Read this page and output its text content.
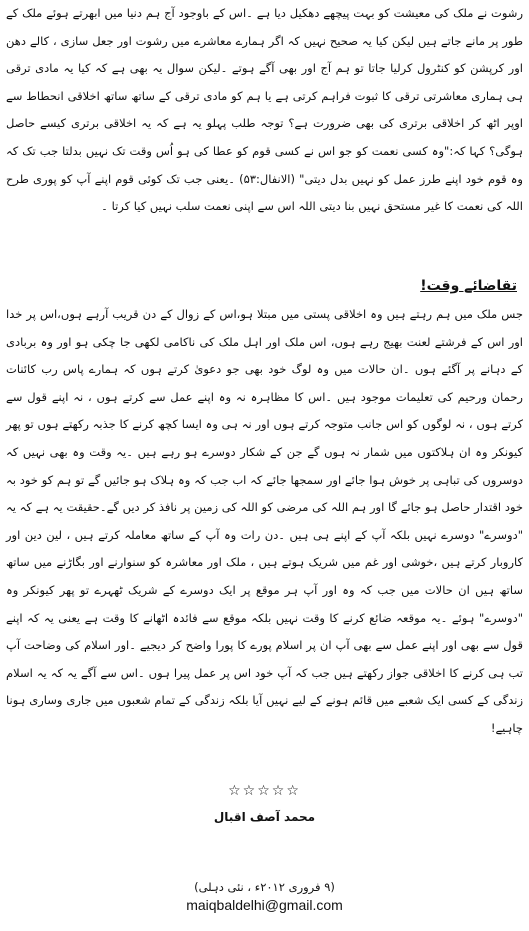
رشوت نے ملک کی معیشت کو بہت پیچھے دھکیل دیا ہے ۔اس کے باوجود آج ہم دنیا میں ابھرتے ہوئے ملک کے طور پر مانے جاتے ہیں لیکن کیا یہ صحیح نہیں کہ اگر ہمارے معاشرے میں رشوت اور جعل سازی ، کالے دھن اور کرپشن کو کنٹرول کرلیا جاتا تو ہم آج اور بھی آگے ہوتے ۔لیکن سوال یہ بھی ہے کہ کیا یہ مادی ترقی ہی ہماری معاشرتی ترقی کا ثبوت فراہم کرتی ہے یا ہم کو مادی ترقی کے ساتھ ساتھ اخلاقی انحطاط سے اوپر اٹھ کر اخلاقی برتری کی بھی ضرورت ہے؟ توجہ طلب پہلو یہ ہے کہ یہ اخلاقی برتری کیسے حاصل ہوگی؟ کہا کہ:"وہ کسی نعمت کو جو اس نے کسی قوم کو عطا کی ہو اُس وقت تک نہیں بدلتا جب تک کہ وہ قوم خود اپنے طرز عمل کو نہیں بدل دیتی" (الانفال:۵۳) ۔یعنی جب تک کوئی قوم اپنے آپ کو پوری طرح اللہ کی نعمت کا غیر مستحق نہیں بنا دیتی اللہ اس سے اپنی نعمت سلب نہیں کیا کرتا ۔

تقاضائے وقت!

جس ملک میں ہم رہتے ہیں وہ اخلاقی پستی میں مبتلا ہو،اس کے زوال کے دن قریب آرہے ہوں،اس پر خدا اور اس کے فرشتے لعنت بھیج رہے ہوں، اس ملک اور اہل ملک کی ناکامی لکھی جا چکی ہو اور وہ بربادی کے دہانے پر آگئے ہوں ۔ان حالات میں وہ لوگ خود بھی جو دعویٰ کرتے ہوں کہ ہمارے پاس رب کائنات رحمان ورحیم کی تعلیمات موجود ہیں ۔اس کا مظاہرہ نہ وہ اپنے عمل سے کرتے ہوں ، نہ اپنے قول سے کرتے ہوں ، نہ لوگوں کو اس جانب متوجہ کرتے ہوں اور نہ ہی وہ ایسا کچھ کرنے کا جذبہ رکھتے ہوں تو پھر کیونکر وہ ان ہلاکتوں میں شمار نہ ہوں گے جن کے شکار دوسرے ہو رہے ہیں ۔یہ وقت وہ بھی نہیں کہ دوسروں کی تباہی پر خوش ہوا جائے اور سمجھا جائے کہ اب جب کہ وہ ہلاک ہو جائیں گے تو ہم کو خود بہ خود اقتدار حاصل ہو جائے گا اور ہم اللہ کی مرضی کو اللہ کی زمین پر نافذ کر دیں گے۔حقیقت یہ ہے کہ یہ "دوسرے" دوسرے نہیں بلکہ آپ کے اپنے ہی ہیں ۔دن رات وہ آپ کے ساتھ معاملہ کرتے ہیں ، لین دین اور کاروبار کرتے ہیں ،خوشی اور غم میں شریک ہوتے ہیں ، ملک اور معاشرہ کو سنوارنے اور بگاڑنے میں ساتھ ساتھ ہیں ان حالات میں جب کہ وہ اور آپ ہر موقع پر ایک دوسرے کے شریک ٹھہرے تو پھر کیونکر وہ "دوسرے" ہوئے ۔یہ موقعہ ضائع کرنے کا وقت نہیں بلکہ موقع سے فائدہ اٹھانے کا وقت ہے یعنی یہ کہ اپنے قول سے بھی اور اپنے عمل سے بھی آپ ان پر اسلام پورے کا پورا واضح کر دیجیے ۔اور اسلام کی وضاحت آپ تب ہی کرنے کا اخلاقی جواز رکھتے ہیں جب کہ آپ خود اس پر عمل پیرا ہوں ۔اس سے آگے یہ کہ یہ اسلام زندگی کے کسی ایک شعبے میں قائم ہونے کے لیے نہیں آیا بلکہ زندگی کے تمام شعبوں میں جاری وساری ہونا چاہیے!

☆☆☆☆☆
محمد آصف اقبال
(۹ فروری ۲۰۱۲ء ، نئی دہلی)
maiqbaldelhi@gmail.com
